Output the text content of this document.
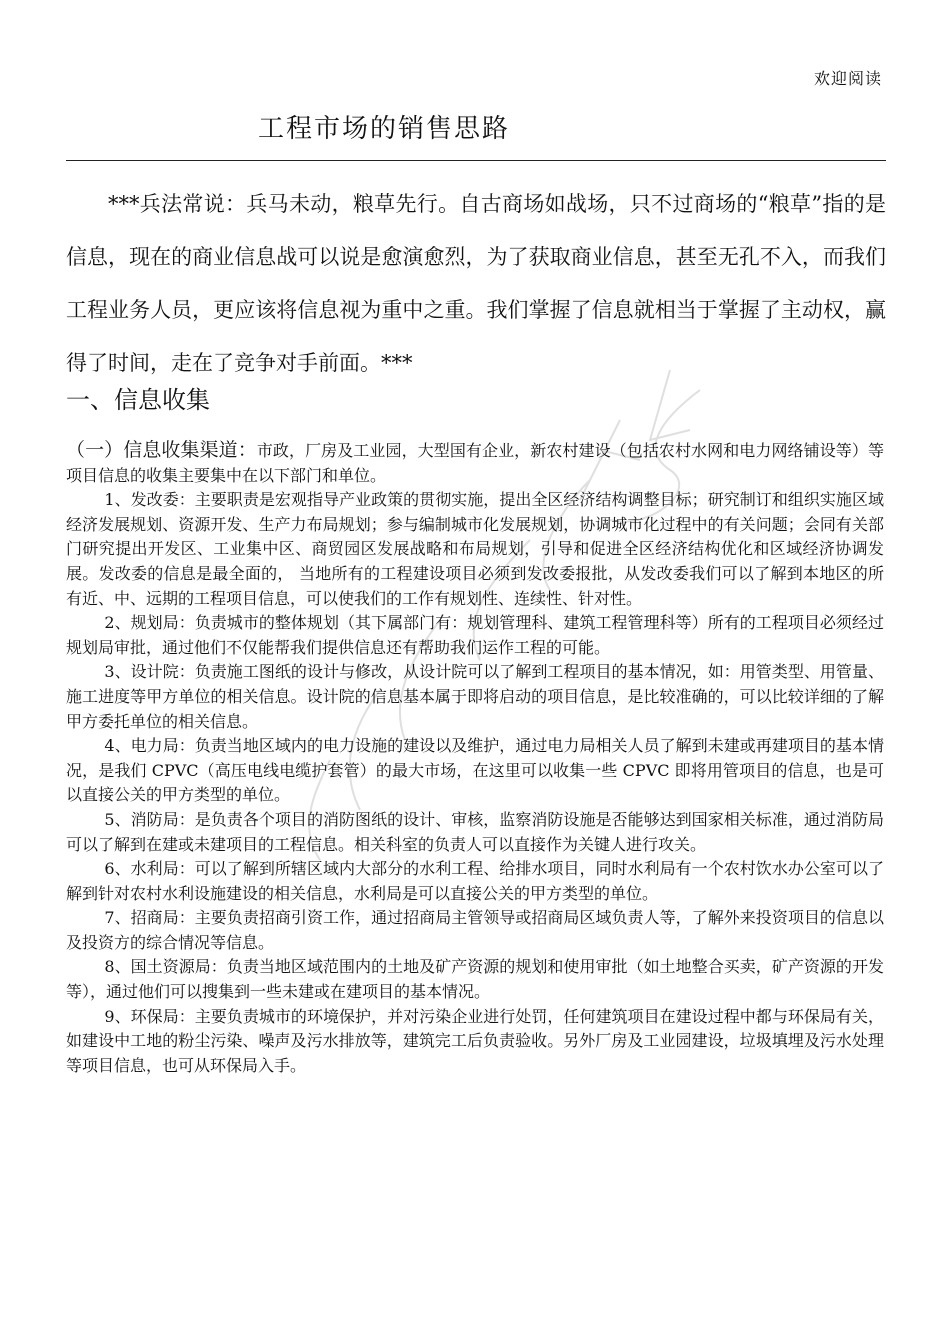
欢迎阅读
工程市场的销售思路

***兵法常说：兵马未动，粮草先行。自古商场如战场，只不过商场的“粮草”指的是信息，现在的商业信息战可以说是愈演愈烈，为了获取商业信息，甚至无孔不入，而我们工程业务人员，更应该将信息视为重中之重。我们掌握了信息就相当于掌握了主动权，赢得了时间，走在了竞争对手前面。***

一、信息收集

（一）信息收集渠道：市政，厂房及工业园，大型国有企业，新农村建设（包括农村水网和电力网络铺设等）等项目信息的收集主要集中在以下部门和单位。

1、发改委：主要职责是宏观指导产业政策的贯彻实施，提出全区经济结构调整目标；研究制订和组织实施区域经济发展规划、资源开发、生产力布局规划；参与编制城市化发展规划，协调城市化过程中的有关问题；会同有关部门研究提出开发区、工业集中区、商贸园区发展战略和布局规划，引导和促进全区经济结构优化和区域经济协调发展。发改委的信息是最全面的， 当地所有的工程建设项目必须到发改委报批，从发改委我们可以了解到本地区的所有近、中、远期的工程项目信息，可以使我们的工作有规划性、连续性、针对性。

2、规划局：负责城市的整体规划（其下属部门有：规划管理科、建筑工程管理科等）所有的工程项目必须经过规划局审批，通过他们不仅能帮我们提供信息还有帮助我们运作工程的可能。

3、设计院：负责施工图纸的设计与修改，从设计院可以了解到工程项目的基本情况，如：用管类型、用管量、施工进度等甲方单位的相关信息。设计院的信息基本属于即将启动的项目信息，是比较准确的，可以比较详细的了解甲方委托单位的相关信息。

4、电力局：负责当地区域内的电力设施的建设以及维护，通过电力局相关人员了解到未建或再建项目的基本情况，是我们 CPVC（高压电线电缆护套管）的最大市场，在这里可以收集一些 CPVC 即将用管项目的信息，也是可以直接公关的甲方类型的单位。

5、消防局：是负责各个项目的消防图纸的设计、审核，监察消防设施是否能够达到国家相关标准，通过消防局可以了解到在建或未建项目的工程信息。相关科室的负责人可以直接作为关键人进行攻关。

6、水利局：可以了解到所辖区域内大部分的水利工程、给排水项目，同时水利局有一个农村饮水办公室可以了解到针对农村水利设施建设的相关信息，水利局是可以直接公关的甲方类型的单位。

7、招商局：主要负责招商引资工作，通过招商局主管领导或招商局区域负责人等，了解外来投资项目的信息以及投资方的综合情况等信息。

8、国土资源局：负责当地区域范围内的土地及矿产资源的规划和使用审批（如土地整合买卖，矿产资源的开发等），通过他们可以搜集到一些未建或在建项目的基本情况。

9、环保局：主要负责城市的环境保护，并对污染企业进行处罚，任何建筑项目在建设过程中都与环保局有关，如建设中工地的粉尘污染、噪声及污水排放等，建筑完工后负责验收。另外厂房及工业园建设，垃圾填埋及污水处理等项目信息，也可从环保局入手。
